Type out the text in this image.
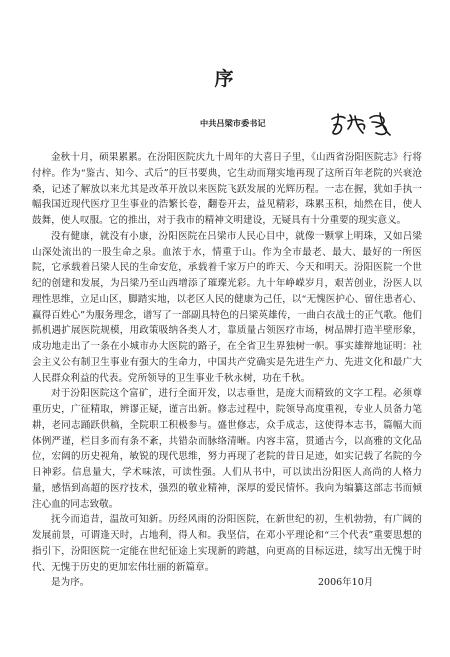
序
中共吕梁市委书记

金秋十月，硕果累累。在汾阳医院庆九十周年的大喜日子里，《山西省汾阳医院志》行将付梓。作为“鉴古、知今、式后”的巨书要典，它生动而翔实地再现了这所百年老院的兴衰沧桑，记述了解放以来尤其是改革开放以来医院飞跃发展的光辉历程。一志在握，犹如手执一幅我国近现代医疗卫生事业的浩繁长卷，翻卷开去，益见精彩，珠累玉积，灿然在目，使人鼓舞，使人叹服。它的推出，对于我市的精神文明建设，无疑具有十分重要的现实意义。

没有健康，就没有小康，汾阳医院在吕梁市人民心目中，就像一颗掌上明珠，又如吕梁山深处流出的一股生命之泉。血浓于水，情重于山。作为全市最老、最大、最好的一所医院，它承载着吕梁人民的生命安危，承载着千家万户的昨天、今天和明天。汾阳医院一个世纪的创建和发展，为吕梁乃至山西增添了璀璨光彩。九十年峥嵘岁月，艰苦创业，汾医人以理性思维，立足山区，脚踏实地，以老区人民的健康为己任，以“无愧医护心、留住患者心、赢得百姓心”为服务理念，谱写了一部副具特色的吕梁英雄传，一曲白衣战士的正气歌。他们抓机遇扩展医院规模，用政策吸纳各类人才，靠质量占领医疗市场，树品牌打造半壁形象，成功地走出了一条在小城市办大医院的路子，在全省卫生界独树一帜。事实雄辩地证明：社会主义公有制卫生事业有强大的生命力，中国共产党确实是先进生产力、先进文化和最广大人民群众利益的代表。党所领导的卫生事业千秋永树，功在千秋。

对于汾阳医院这个富矿，进行全面开发，以志垂世，是庞大而精致的文字工程。必须尊重历史，广征精取，辨谬正疑，谨言出新。修志过程中，院领导高度重视，专业人员备力笔耕，老同志踊跃供稿，全院职工积极参与。盛世修志，众手成志，这使得本志书，篇幅大而体例严谨，栏目多而有条不紊，共错杂而脉络清晰。内容丰富，贯通古今，以高雅的文化品位，宏阔的历史视角，敏锐的现代思维，努力再现了老院的昔日足迹，如实记载了名院的今日神彩。信息量大，学术味浓，可读性强。人们从书中，可以读出汾阳医人高尚的人格力量，感悟到高超的医疗技术，强烈的敬业精神，深厚的爱民情怀。我向为编纂这部志书而倾注心血的同志致敬。

抚今而追昔，温故可知新。历经风雨的汾阳医院，在新世纪的初，生机勃勃，有广阔的发展前景，可谓逢天时，占地利，得人和。我坚信，在邓小平理论和“三个代表”重要思想的指引下，汾阳医院一定能在世纪征途上实现新的跨越，向更高的目标远进，续写出无愧于时代、无愧于历史的更加宏伟壮丽的新篇章。

是为序。	2006年10月
